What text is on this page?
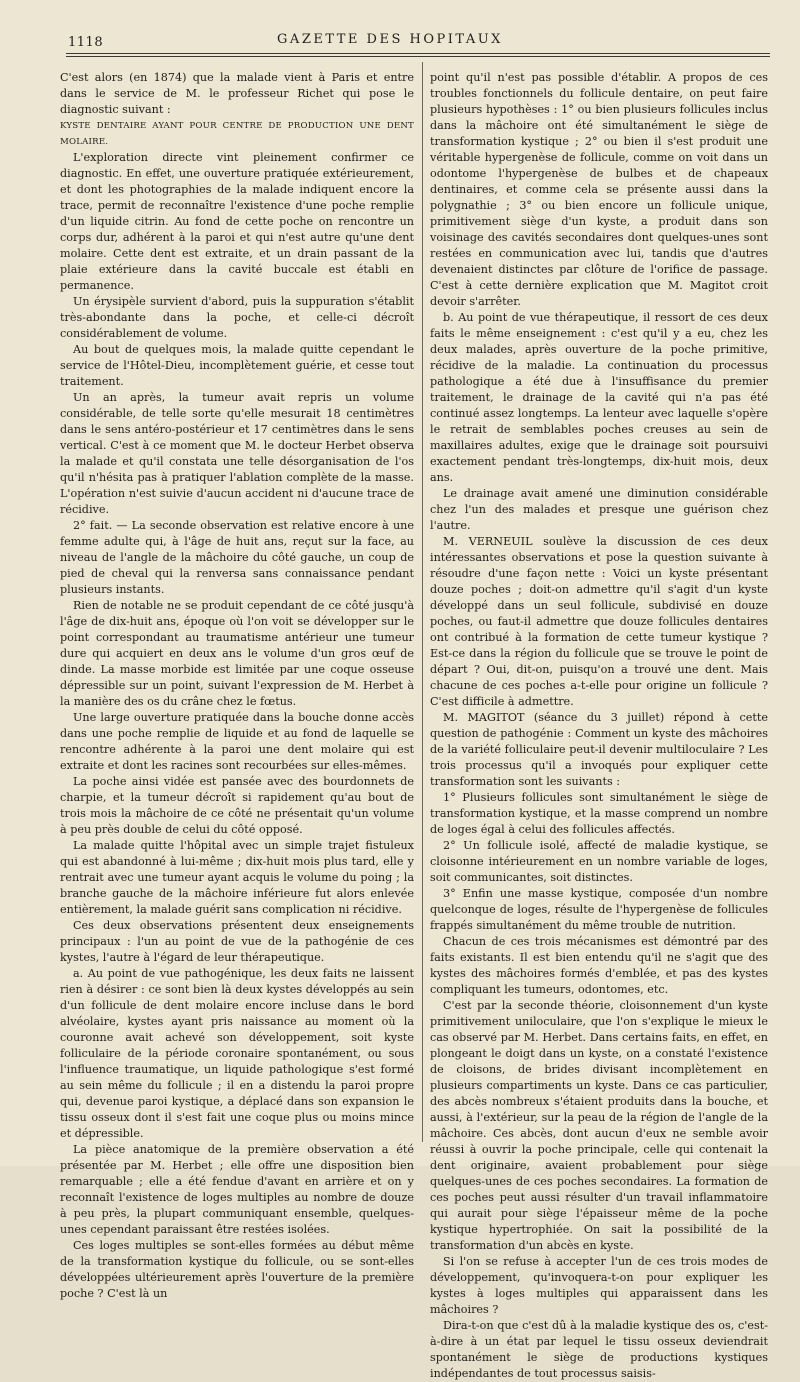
1118	GAZETTE DES HOPITAUX

C'est alors (en 1874) que la malade vient à Paris et entre dans le service de M. le professeur Richet qui pose le diagnostic suivant :

KYSTE DENTAIRE AYANT POUR CENTRE DE PRODUCTION UNE DENT MOLAIRE.

L'exploration directe vint pleinement confirmer ce diagnostic. En effet, une ouverture pratiquée extérieurement, et dont les photographies de la malade indiquent encore la trace, permit de reconnaître l'existence d'une poche remplie d'un liquide citrin. Au fond de cette poche on rencontre un corps dur, adhérent à la paroi et qui n'est autre qu'une dent molaire. Cette dent est extraite, et un drain passant de la plaie extérieure dans la cavité buccale est établi en permanence.

Un érysipèle survient d'abord, puis la suppuration s'établit très-abondante dans la poche, et celle-ci décroît considérablement de volume.

Au bout de quelques mois, la malade quitte cependant le service de l'Hôtel-Dieu, incomplètement guérie, et cesse tout traitement.

Un an après, la tumeur avait repris un volume considérable, de telle sorte qu'elle mesurait 18 centimètres dans le sens antéro-postérieur et 17 centimètres dans le sens vertical. C'est à ce moment que M. le docteur Herbet observa la malade et qu'il constata une telle désorganisation de l'os qu'il n'hésita pas à pratiquer l'ablation complète de la masse. L'opération n'est suivie d'aucun accident ni d'aucune trace de récidive.

2° fait. — La seconde observation est relative encore à une femme adulte qui, à l'âge de huit ans, reçut sur la face, au niveau de l'angle de la mâchoire du côté gauche, un coup de pied de cheval qui la renversa sans connaissance pendant plusieurs instants.

Rien de notable ne se produit cependant de ce côté jusqu'à l'âge de dix-huit ans, époque où l'on voit se développer sur le point correspondant au traumatisme antérieur une tumeur dure qui acquiert en deux ans le volume d'un gros œuf de dinde. La masse morbide est limitée par une coque osseuse dépressible sur un point, suivant l'expression de M. Herbet à la manière des os du crâne chez le fœtus.

Une large ouverture pratiquée dans la bouche donne accès dans une poche remplie de liquide et au fond de laquelle se rencontre adhérente à la paroi une dent molaire qui est extraite et dont les racines sont recourbées sur elles-mêmes.

La poche ainsi vidée est pansée avec des bourdonnets de charpie, et la tumeur décroît si rapidement qu'au bout de trois mois la mâchoire de ce côté ne présentait qu'un volume à peu près double de celui du côté opposé.

La malade quitte l'hôpital avec un simple trajet fistuleux qui est abandonné à lui-même ; dix-huit mois plus tard, elle y rentrait avec une tumeur ayant acquis le volume du poing ; la branche gauche de la mâchoire inférieure fut alors enlevée entièrement, la malade guérit sans complication ni récidive.

Ces deux observations présentent deux enseignements principaux : l'un au point de vue de la pathogénie de ces kystes, l'autre à l'égard de leur thérapeutique.

a. Au point de vue pathogénique, les deux faits ne laissent rien à désirer : ce sont bien là deux kystes développés au sein d'un follicule de dent molaire encore incluse dans le bord alvéolaire, kystes ayant pris naissance au moment où la couronne avait achevé son développement, soit kyste folliculaire de la période coronaire spontanément, ou sous l'influence traumatique, un liquide pathologique s'est formé au sein même du follicule ; il en a distendu la paroi propre qui, devenue paroi kystique, a déplacé dans son expansion le tissu osseux dont il s'est fait une coque plus ou moins mince et dépressible.

La pièce anatomique de la première observation a été présentée par M. Herbet ; elle offre une disposition bien remarquable ; elle a été fendue d'avant en arrière et on y reconnaît l'existence de loges multiples au nombre de douze à peu près, la plupart communiquant ensemble, quelques-unes cependant paraissant être restées isolées.

Ces loges multiples se sont-elles formées au début même de la transformation kystique du follicule, ou se sont-elles développées ultérieurement après l'ouverture de la première poche ? C'est là un

point qu'il n'est pas possible d'établir. A propos de ces troubles fonctionnels du follicule dentaire, on peut faire plusieurs hypothèses : 1° ou bien plusieurs follicules inclus dans la mâchoire ont été simultanément le siège de transformation kystique ; 2° ou bien il s'est produit une véritable hypergenèse de follicule, comme on voit dans un odontome l'hypergenèse de bulbes et de chapeaux dentinaires, et comme cela se présente aussi dans la polygnathie ; 3° ou bien encore un follicule unique, primitivement siège d'un kyste, a produit dans son voisinage des cavités secondaires dont quelques-unes sont restées en communication avec lui, tandis que d'autres devenaient distinctes par clôture de l'orifice de passage. C'est à cette dernière explication que M. Magitot croit devoir s'arrêter.

b. Au point de vue thérapeutique, il ressort de ces deux faits le même enseignement : c'est qu'il y a eu, chez les deux malades, après ouverture de la poche primitive, récidive de la maladie. La continuation du processus pathologique a été due à l'insuffisance du premier traitement, le drainage de la cavité qui n'a pas été continué assez longtemps. La lenteur avec laquelle s'opère le retrait de semblables poches creuses au sein de maxillaires adultes, exige que le drainage soit poursuivi exactement pendant très-longtemps, dix-huit mois, deux ans.

Le drainage avait amené une diminution considérable chez l'un des malades et presque une guérison chez l'autre.

M. VERNEUIL soulève la discussion de ces deux intéressantes observations et pose la question suivante à résoudre d'une façon nette : Voici un kyste présentant douze poches ; doit-on admettre qu'il s'agit d'un kyste développé dans un seul follicule, subdivisé en douze poches, ou faut-il admettre que douze follicules dentaires ont contribué à la formation de cette tumeur kystique ? Est-ce dans la région du follicule que se trouve le point de départ ? Oui, dit-on, puisqu'on a trouvé une dent. Mais chacune de ces poches a-t-elle pour origine un follicule ? C'est difficile à admettre.

M. MAGITOT (séance du 3 juillet) répond à cette question de pathogénie : Comment un kyste des mâchoires de la variété folliculaire peut-il devenir multiloculaire ? Les trois processus qu'il a invoqués pour expliquer cette transformation sont les suivants :

1° Plusieurs follicules sont simultanément le siège de transformation kystique, et la masse comprend un nombre de loges égal à celui des follicules affectés.

2° Un follicule isolé, affecté de maladie kystique, se cloisonne intérieurement en un nombre variable de loges, soit communicantes, soit distinctes.

3° Enfin une masse kystique, composée d'un nombre quelconque de loges, résulte de l'hypergenèse de follicules frappés simultanément du même trouble de nutrition.

Chacun de ces trois mécanismes est démontré par des faits existants. Il est bien entendu qu'il ne s'agit que des kystes des mâchoires formés d'emblée, et pas des kystes compliquant les tumeurs, odontomes, etc.

C'est par la seconde théorie, cloisonnement d'un kyste primitivement uniloculaire, que l'on s'explique le mieux le cas observé par M. Herbet. Dans certains faits, en effet, en plongeant le doigt dans un kyste, on a constaté l'existence de cloisons, de brides divisant incomplètement en plusieurs compartiments un kyste. Dans ce cas particulier, des abcès nombreux s'étaient produits dans la bouche, et aussi, à l'extérieur, sur la peau de la région de l'angle de la mâchoire. Ces abcès, dont aucun d'eux ne semble avoir réussi à ouvrir la poche principale, celle qui contenait la dent originaire, avaient probablement pour siège quelques-unes de ces poches secondaires. La formation de ces poches peut aussi résulter d'un travail inflammatoire qui aurait pour siège l'épaisseur même de la poche kystique hypertrophiée. On sait la possibilité de la transformation d'un abcès en kyste.

Si l'on se refuse à accepter l'un de ces trois modes de développement, qu'invoquera-t-on pour expliquer les kystes à loges multiples qui apparaissent dans les mâchoires ?

Dira-t-on que c'est dû à la maladie kystique des os, c'est-à-dire à un état par lequel le tissu osseux deviendrait spontanément le siège de productions kystiques indépendantes de tout processus saisis-
